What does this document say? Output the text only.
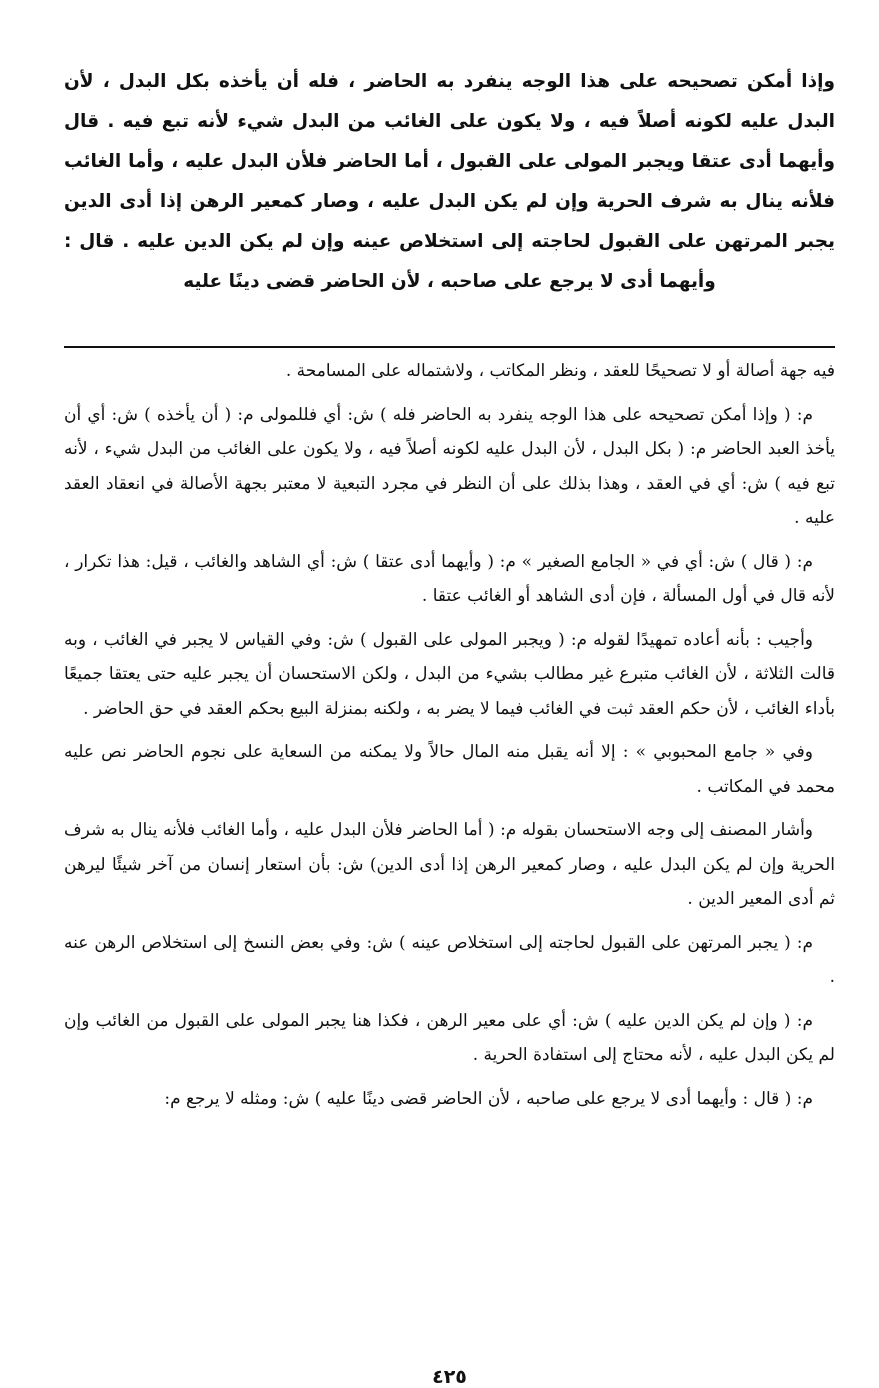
وإذا أمكن تصحيحه على هذا الوجه ينفرد به الحاضر ، فله أن يأخذه بكل البدل ، لأن البدل عليه لكونه أصلاً فيه ، ولا يكون على الغائب من البدل شيء لأنه تبع فيه . قال وأيهما أدى عتقا ويجبر المولى على القبول ، أما الحاضر فلأن البدل عليه ، وأما الغائب فلأنه ينال به شرف الحرية وإن لم يكن البدل عليه ، وصار كمعير الرهن إذا أدى الدين يجبر المرتهن على القبول لحاجته إلى استخلاص عينه وإن لم يكن الدين عليه . قال : وأيهما أدى لا يرجع على صاحبه ، لأن الحاضر قضى دينًا عليه

فيه جهة أصالة أو لا تصحيحًا للعقد ، ونظر المكاتب ، ولاشتماله على المسامحة .

م: ( وإذا أمكن تصحيحه على هذا الوجه ينفرد به الحاضر فله ) ش: أي فللمولى م: ( أن يأخذه ) ش: أي أن يأخذ العبد الحاضر م: ( بكل البدل ، لأن البدل عليه لكونه أصلاً فيه ، ولا يكون على الغائب من البدل شيء ، لأنه تبع فيه ) ش: أي في العقد ، وهذا بذلك على أن النظر في مجرد التبعية لا معتبر بجهة الأصالة في انعقاد العقد عليه .

م: ( قال ) ش: أي في « الجامع الصغير » م: ( وأيهما أدى عتقا ) ش: أي الشاهد والغائب ، قيل: هذا تكرار ، لأنه قال في أول المسألة ، فإن أدى الشاهد أو الغائب عتقا .

وأجيب : بأنه أعاده تمهيدًا لقوله م: ( ويجبر المولى على القبول ) ش: وفي القياس لا يجبر في الغائب ، وبه قالت الثلاثة ، لأن الغائب متبرع غير مطالب بشيء من البدل ، ولكن الاستحسان أن يجبر عليه حتى يعتقا جميعًا بأداء الغائب ، لأن حكم العقد ثبت في الغائب فيما لا يضر به ، ولكنه بمنزلة البيع بحكم العقد في حق الحاضر .

وفي « جامع المحبوبي » : إلا أنه يقبل منه المال حالاً ولا يمكنه من السعاية على نجوم الحاضر نص عليه محمد في المكاتب .

وأشار المصنف إلى وجه الاستحسان بقوله م: ( أما الحاضر فلأن البدل عليه ، وأما الغائب فلأنه ينال به شرف الحرية وإن لم يكن البدل عليه ، وصار كمعير الرهن إذا أدى الدين) ش: بأن استعار إنسان من آخر شيئًا ليرهن ثم أدى المعير الدين .

م: ( يجبر المرتهن على القبول لحاجته إلى استخلاص عينه ) ش: وفي بعض النسخ إلى استخلاص الرهن عنه .

م: ( وإن لم يكن الدين عليه ) ش: أي على معير الرهن ، فكذا هنا يجبر المولى على القبول من الغائب وإن لم يكن البدل عليه ، لأنه محتاج إلى استفادة الحرية .

م: ( قال : وأيهما أدى لا يرجع على صاحبه ، لأن الحاضر قضى دينًا عليه ) ش: ومثله لا يرجع م:

٤٢٥
